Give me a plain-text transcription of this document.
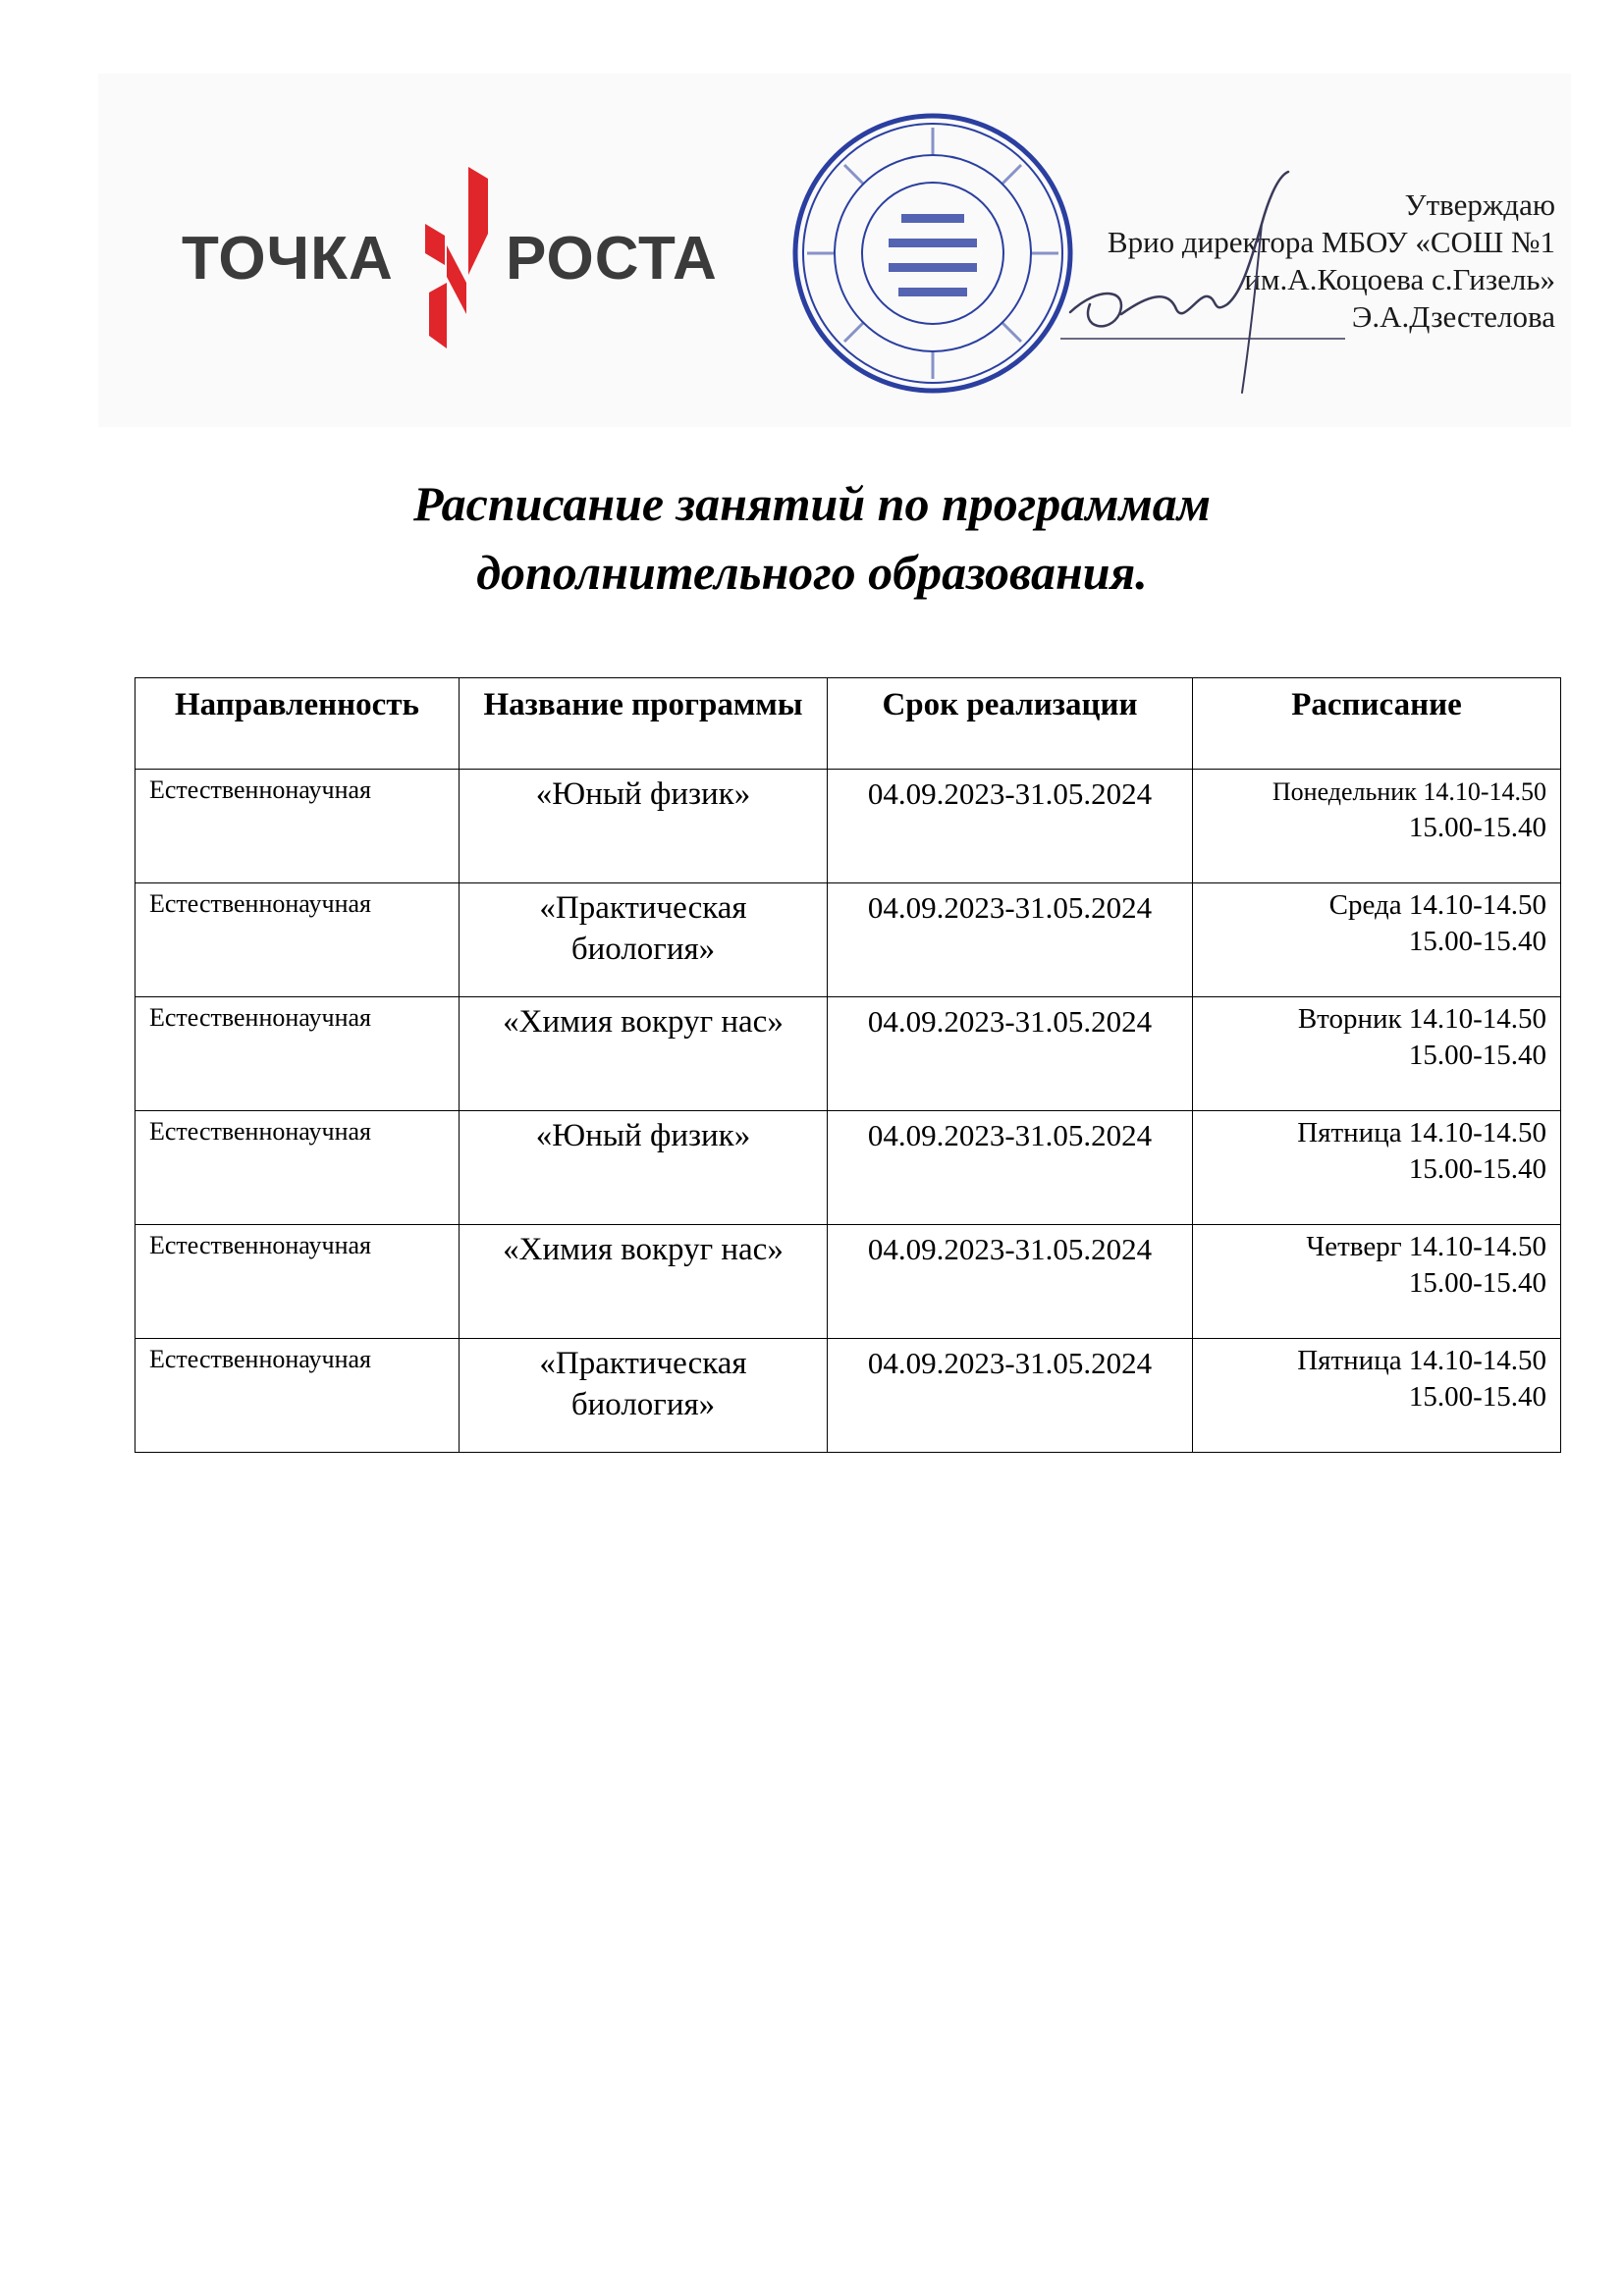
ТОЧКА РОСТА
Утверждаю
Врио директора МБОУ «СОШ №1
им.А.Коцоева с.Гизель»
Э.А.Дзестелова
Расписание занятий по программам
дополнительного образования.
Направленность	Название программы	Срок реализации	Расписание
Естественнонаучная	«Юный физик»	04.09.2023-31.05.2024	Понедельник 14.10-14.50
15.00-15.40

Естественнонаучная	«Практическая биология»	04.09.2023-31.05.2024	Среда 14.10-14.50
15.00-15.40

Естественнонаучная	«Химия вокруг нас»	04.09.2023-31.05.2024	Вторник 14.10-14.50
15.00-15.40

Естественнонаучная	«Юный физик»	04.09.2023-31.05.2024	Пятница 14.10-14.50
15.00-15.40

Естественнонаучная	«Химия вокруг нас»	04.09.2023-31.05.2024	Четверг 14.10-14.50
15.00-15.40

Естественнонаучная	«Практическая биология»	04.09.2023-31.05.2024	Пятница 14.10-14.50
15.00-15.40
